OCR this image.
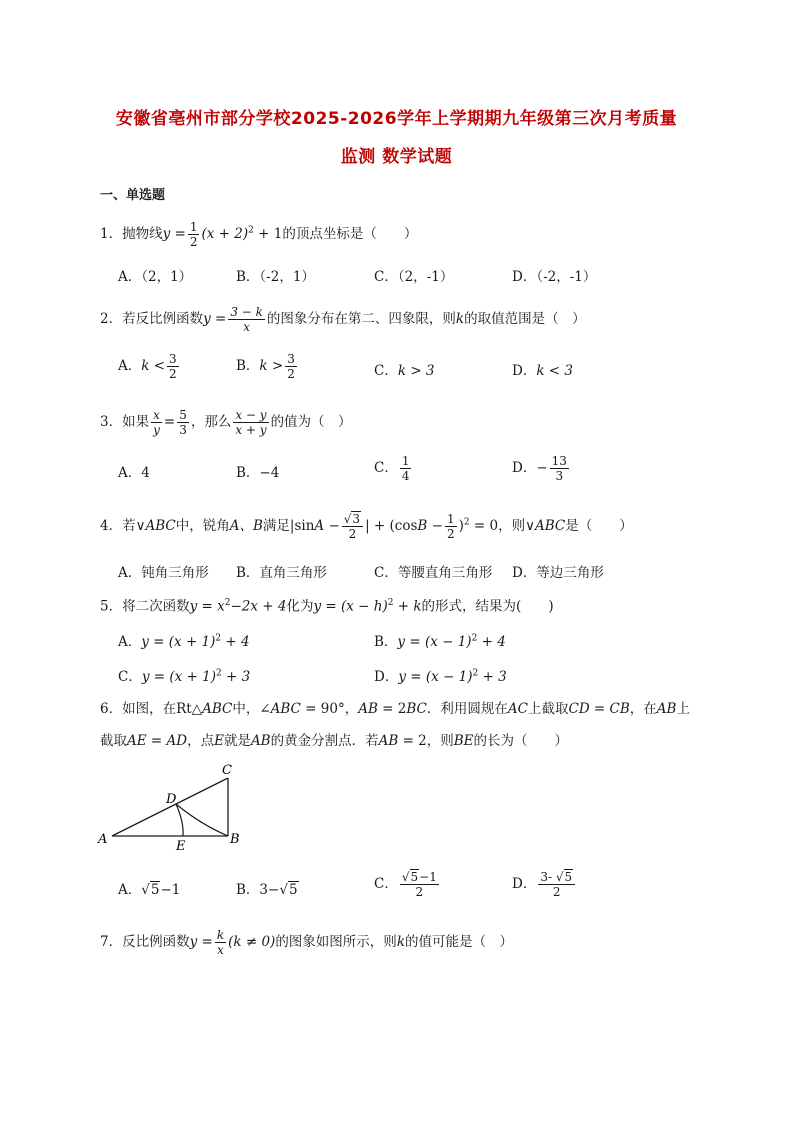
安徽省亳州市部分学校2025-2026学年上学期期九年级第三次月考质量
监测 数学试题
一、单选题
1．抛物线$y = \frac{1}{2} (x + 2)^2 + 1$的顶点坐标是（　　）
A．（2，1）	B．（-2，1）	C．（2，-1）	D．（-2，-1）
2．若反比例函数$y = \frac{3 - k}{x}$ 的图象分布在第二、四象限，则k的取值范围是（　）
A．$k < \frac{3}{2}$	B．$k > \frac{3}{2}$	C．k > 3	D．k < 3
3．如果 $\frac{x}{y} = \frac{5}{3}$ ，那么 $\frac{x - y}{x + y}$ 的值为（　）
A．4	B．−4	C． $\frac{1}{4}$	D．− $\frac{13}{3}$
4．若∨ABC中，锐角A、B满足$|\sin A - \frac{√3}{2}$ | + $(\cos B - \frac{1}{2} )^2 = 0$，则∨ABC是（　　）
A．钝角三角形 B．直角三角形	C．等腰直角三角形 D．等边三角形
5．将二次函数$y = x^2-2x + 4$化为$y = (x - h)^2 + k$的形式，结果为(　　)
A．$y = (x + 1)^2 + 4$	B．$y = (x - 1)^2 + 4$
C．$y = (x + 1)^2 + 3$	D．$y = (x - 1)^2 + 3$
6．如图，在Rt△ABC中，∠ABC = 90°，AB = 2BC．利用圆规在AC上截取CD = CB，在AB上
截取AE = AD，点E就是AB的黄金分割点．若AB = 2，则BE的长为（　　）
A	B
C
D
E
A．√5−1	B．3−√5	C． $\frac{√5-1}{2}$	D． $\frac{3- √5}{2}$
7．反比例函数$y = \frac{k}{x} (k \ne 0)$的图象如图所示，则k的值可能是（　）
